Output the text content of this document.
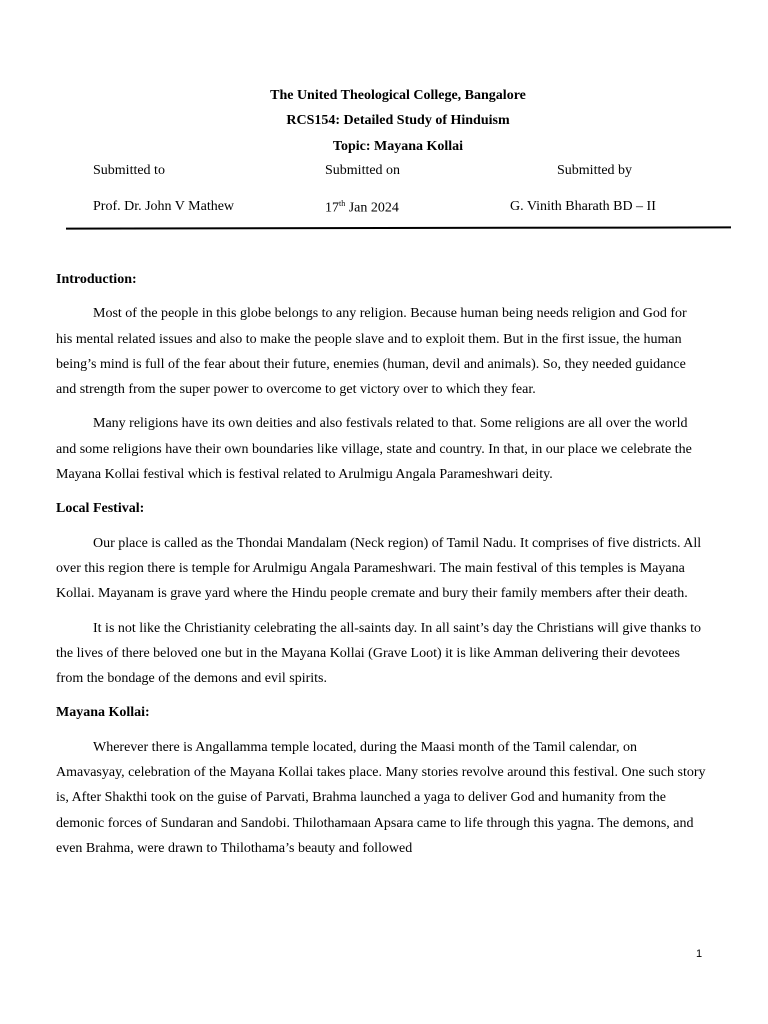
The United Theological College, Bangalore
RCS154: Detailed Study of Hinduism
Topic: Mayana Kollai
Submitted to	Submitted on	Submitted by
Prof. Dr. John V Mathew	17th Jan 2024	G. Vinith Bharath BD – II

Introduction:

Most of the people in this globe belongs to any religion. Because human being needs religion and God for his mental related issues and also to make the people slave and to exploit them. But in the first issue, the human being’s mind is full of the fear about their future, enemies (human, devil and animals). So, they needed guidance and strength from the super power to overcome to get victory over to which they fear.

Many religions have its own deities and also festivals related to that. Some religions are all over the world and some religions have their own boundaries like village, state and country. In that, in our place we celebrate the Mayana Kollai festival which is festival related to Arulmigu Angala Parameshwari deity.

Local Festival:

Our place is called as the Thondai Mandalam (Neck region) of Tamil Nadu. It comprises of five districts. All over this region there is temple for Arulmigu Angala Parameshwari. The main festival of this temples is Mayana Kollai. Mayanam is grave yard where the Hindu people cremate and bury their family members after their death.

It is not like the Christianity celebrating the all-saints day. In all saint’s day the Christians will give thanks to the lives of there beloved one but in the Mayana Kollai (Grave Loot) it is like Amman delivering their devotees from the bondage of the demons and evil spirits.

Mayana Kollai:

Wherever there is Angallamma temple located, during the Maasi month of the Tamil calendar, on Amavasyay, celebration of the Mayana Kollai takes place. Many stories revolve around this festival. One such story is, After Shakthi took on the guise of Parvati, Brahma launched a yaga to deliver God and humanity from the demonic forces of Sundaran and Sandobi. Thilothamaan Apsara came to life through this yagna. The demons, and even Brahma, were drawn to Thilothama’s beauty and followed

1
